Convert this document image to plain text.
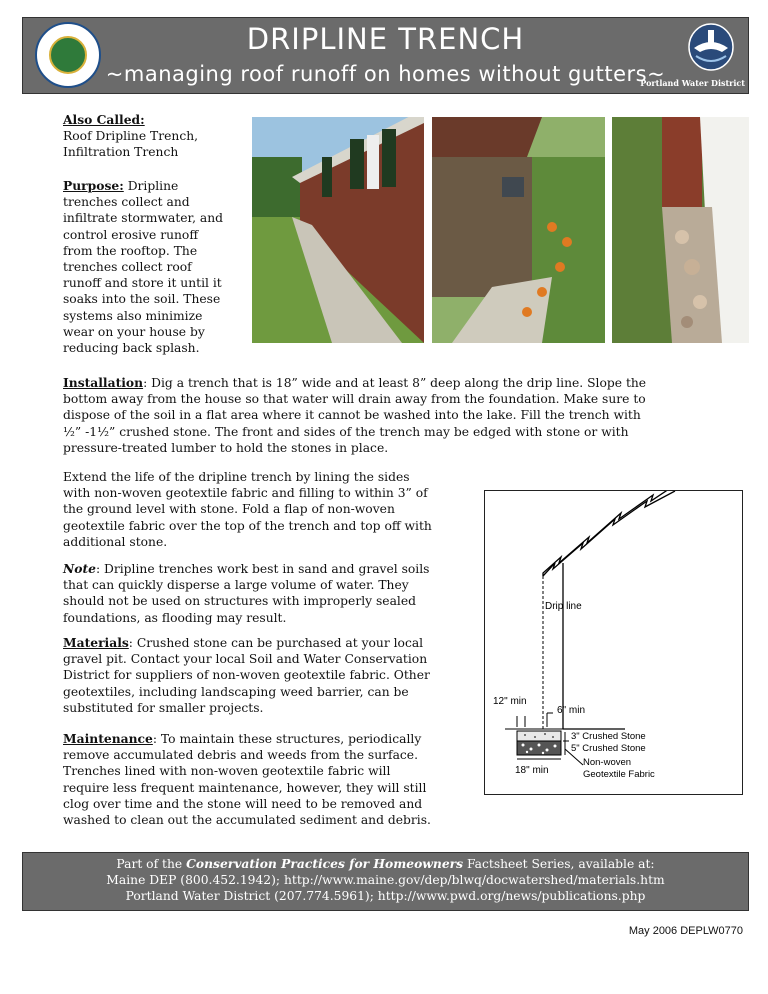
DRIPLINE TRENCH
~managing roof runoff on homes without gutters~
Portland Water District
Also Called:
Roof Dripline Trench,
Infiltration Trench
Purpose: Dripline
trenches collect and
infiltrate stormwater, and
control erosive runoff
from the rooftop. The
trenches collect roof
runoff and store it until it
soaks into the soil. These
systems also minimize
wear on your house by
reducing back splash.
Installation: Dig a trench that is 18” wide and at least 8” deep along the drip line. Slope the
bottom away from the house so that water will drain away from the foundation. Make sure to
dispose of the soil in a flat area where it cannot be washed into the lake. Fill the trench with
½” -1½” crushed stone. The front and sides of the trench may be edged with stone or with
pressure-treated lumber to hold the stones in place.
Extend the life of the dripline trench by lining the sides
with non-woven geotextile fabric and filling to within 3” of
the ground level with stone. Fold a flap of non-woven
geotextile fabric over the top of the trench and top off with
additional stone.
Note: Dripline trenches work best in sand and gravel soils
that can quickly disperse a large volume of water. They
should not be used on structures with improperly sealed
foundations, as flooding may result.
Materials: Crushed stone can be purchased at your local
gravel pit. Contact your local Soil and Water Conservation
District for suppliers of non-woven geotextile fabric. Other
geotextiles, including landscaping weed barrier, can be
substituted for smaller projects.
Maintenance: To maintain these structures, periodically
remove accumulated debris and weeds from the surface.
Trenches lined with non-woven geotextile fabric will
require less frequent maintenance, however, they will still
clog over time and the stone will need to be removed and
washed to clean out the accumulated sediment and debris.
Drip line
12" min
6" min
3" Crushed Stone
5" Crushed Stone
18" min
Non-woven
Geotextile Fabric
Part of the Conservation Practices for Homeowners Factsheet Series, available at:
Maine DEP (800.452.1942); http://www.maine.gov/dep/blwq/docwatershed/materials.htm
Portland Water District (207.774.5961); http://www.pwd.org/news/publications.php
May 2006 DEPLW0770
